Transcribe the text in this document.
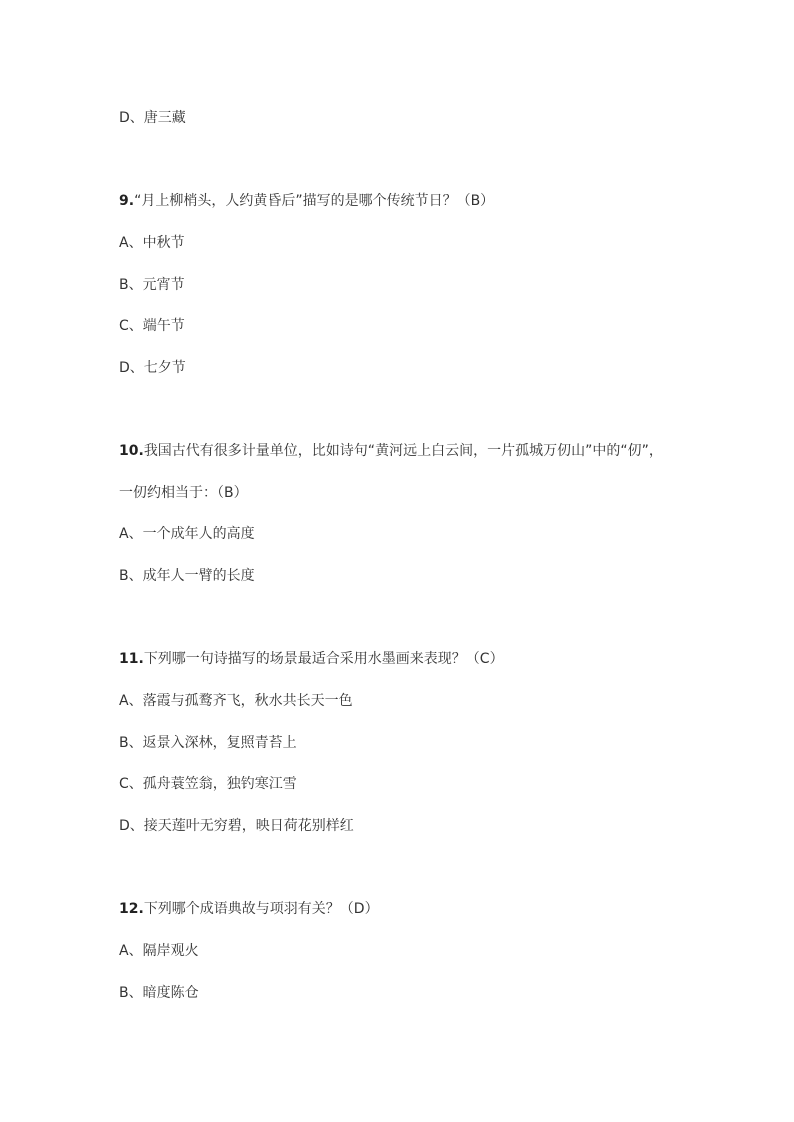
D、唐三藏
9.“月上柳梢头，人约黄昏后”描写的是哪个传统节日？（B）
A、中秋节
B、元宵节
C、端午节
D、七夕节
10.我国古代有很多计量单位，比如诗句“黄河远上白云间，一片孤城万仞山”中的“仞”，
一仞约相当于：（B）
A、一个成年人的高度
B、成年人一臂的长度
11.下列哪一句诗描写的场景最适合采用水墨画来表现？（C）
A、落霞与孤鹜齐飞，秋水共长天一色
B、返景入深林，复照青苔上
C、孤舟蓑笠翁，独钓寒江雪
D、接天莲叶无穷碧，映日荷花别样红
12.下列哪个成语典故与项羽有关？（D）
A、隔岸观火
B、暗度陈仓
